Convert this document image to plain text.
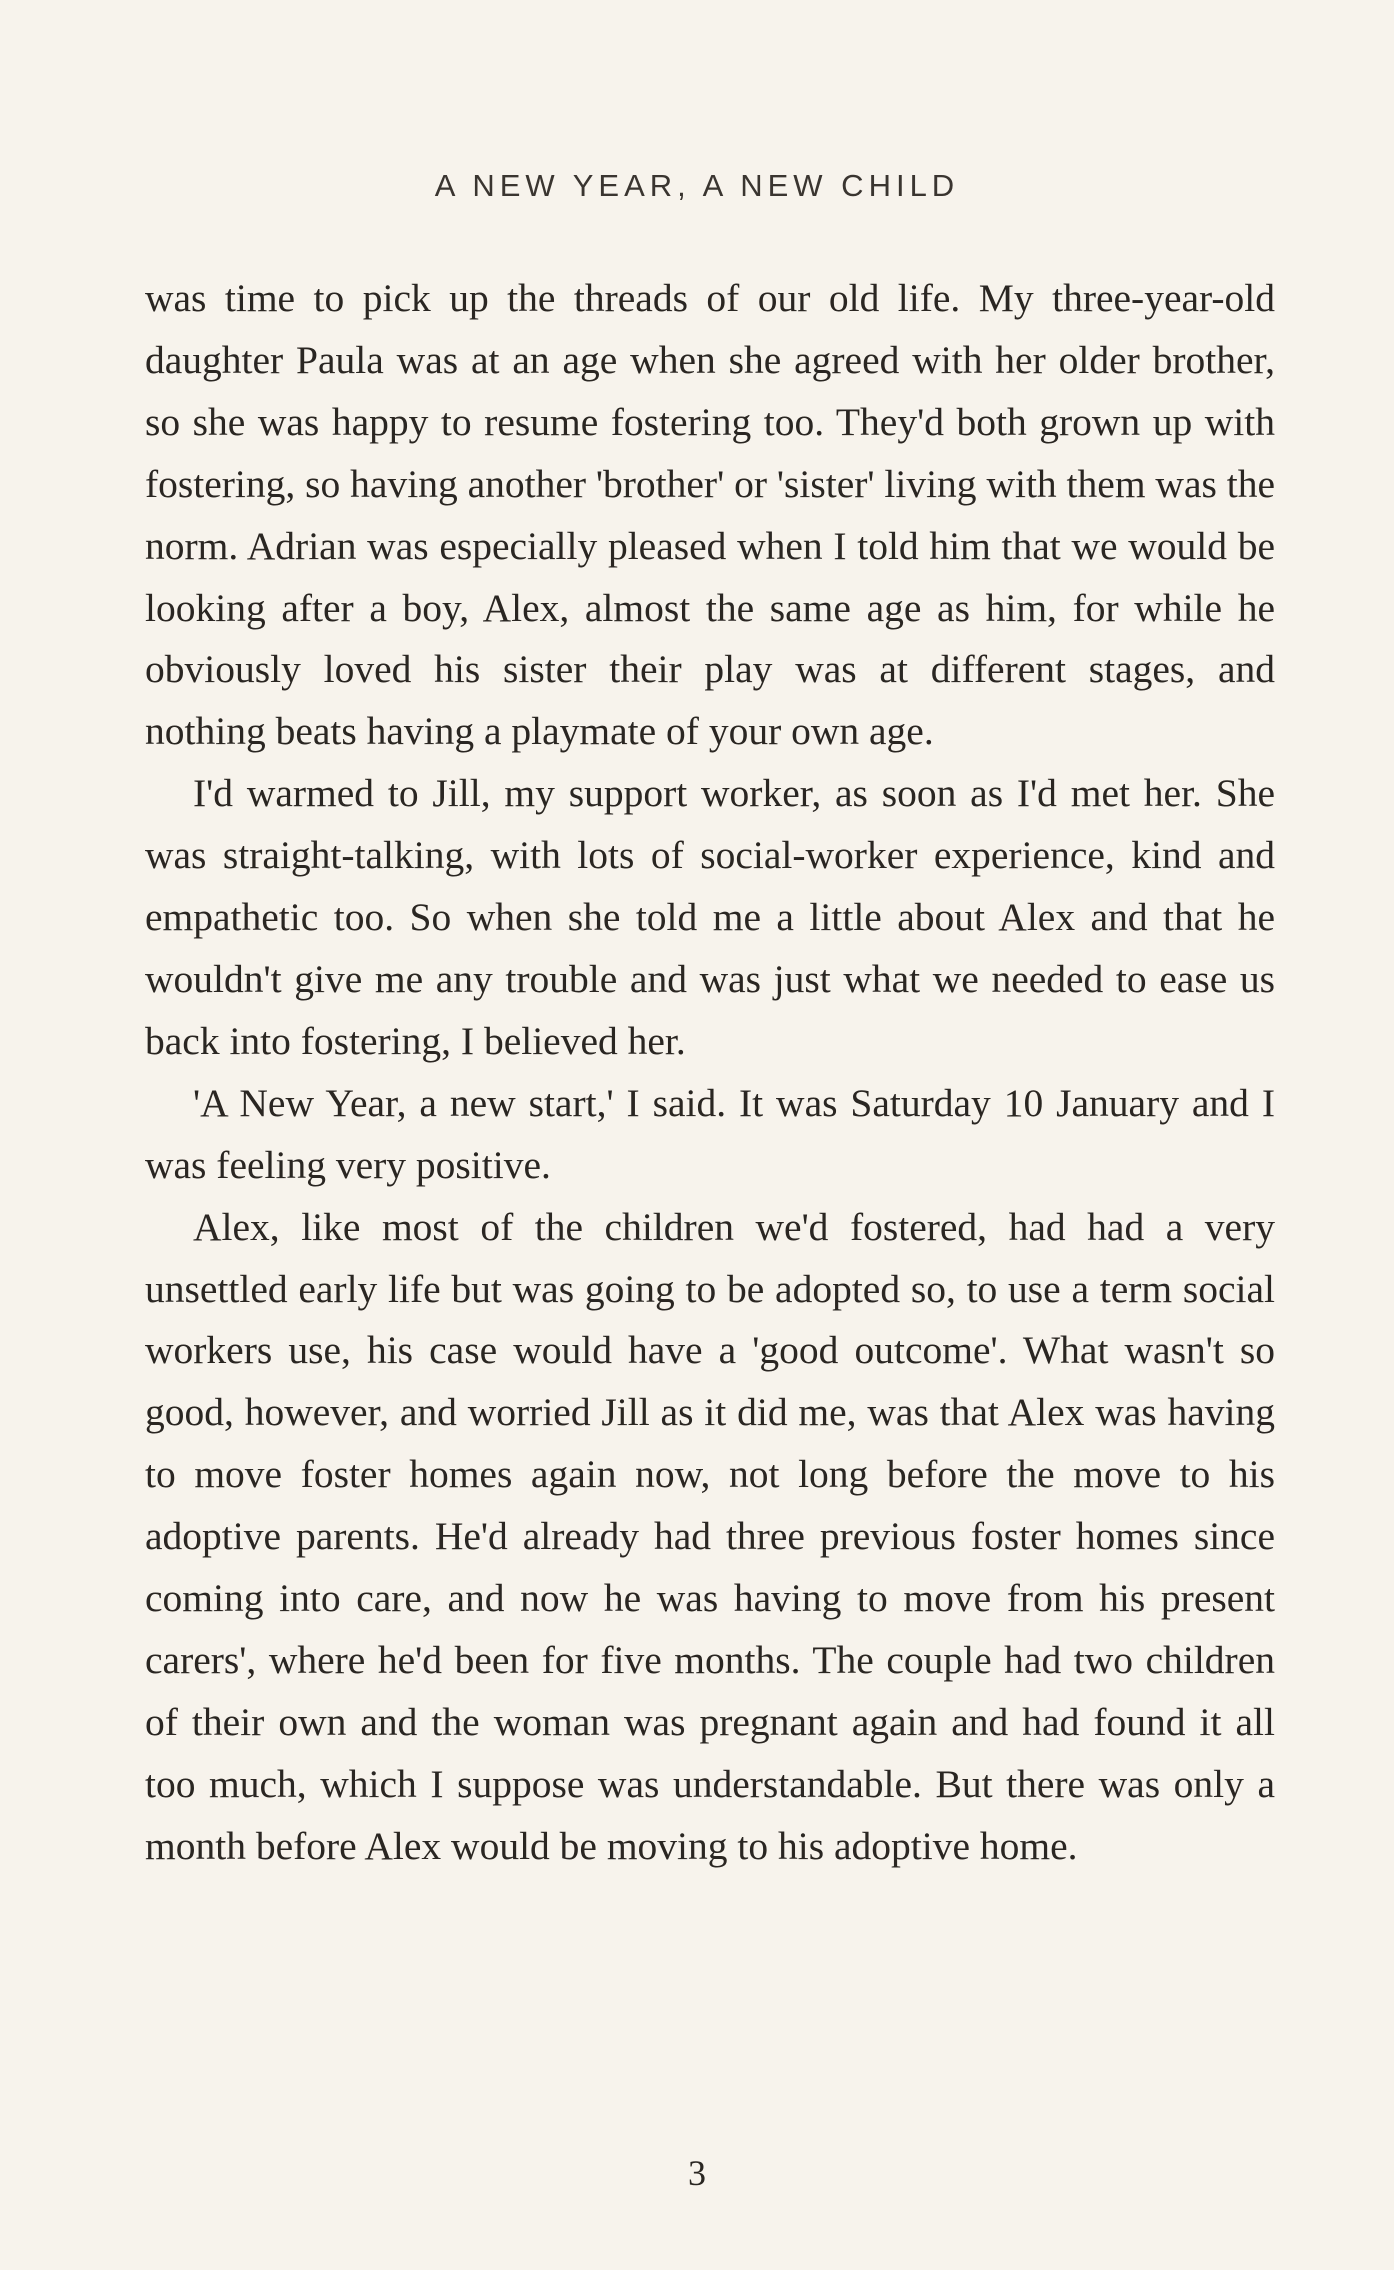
A NEW YEAR, A NEW CHILD

was time to pick up the threads of our old life. My three-year-old daughter Paula was at an age when she agreed with her older brother, so she was happy to resume fostering too. They'd both grown up with fostering, so having another 'brother' or 'sister' living with them was the norm. Adrian was especially pleased when I told him that we would be looking after a boy, Alex, almost the same age as him, for while he obviously loved his sister their play was at different stages, and nothing beats having a playmate of your own age.

I'd warmed to Jill, my support worker, as soon as I'd met her. She was straight-talking, with lots of social-worker experience, kind and empathetic too. So when she told me a little about Alex and that he wouldn't give me any trouble and was just what we needed to ease us back into fostering, I believed her.

'A New Year, a new start,' I said. It was Saturday 10 January and I was feeling very positive.

Alex, like most of the children we'd fostered, had had a very unsettled early life but was going to be adopted so, to use a term social workers use, his case would have a 'good outcome'. What wasn't so good, however, and worried Jill as it did me, was that Alex was having to move foster homes again now, not long before the move to his adoptive parents. He'd already had three previous foster homes since coming into care, and now he was having to move from his present carers', where he'd been for five months. The couple had two children of their own and the woman was pregnant again and had found it all too much, which I suppose was understandable. But there was only a month before Alex would be moving to his adoptive home.

3
